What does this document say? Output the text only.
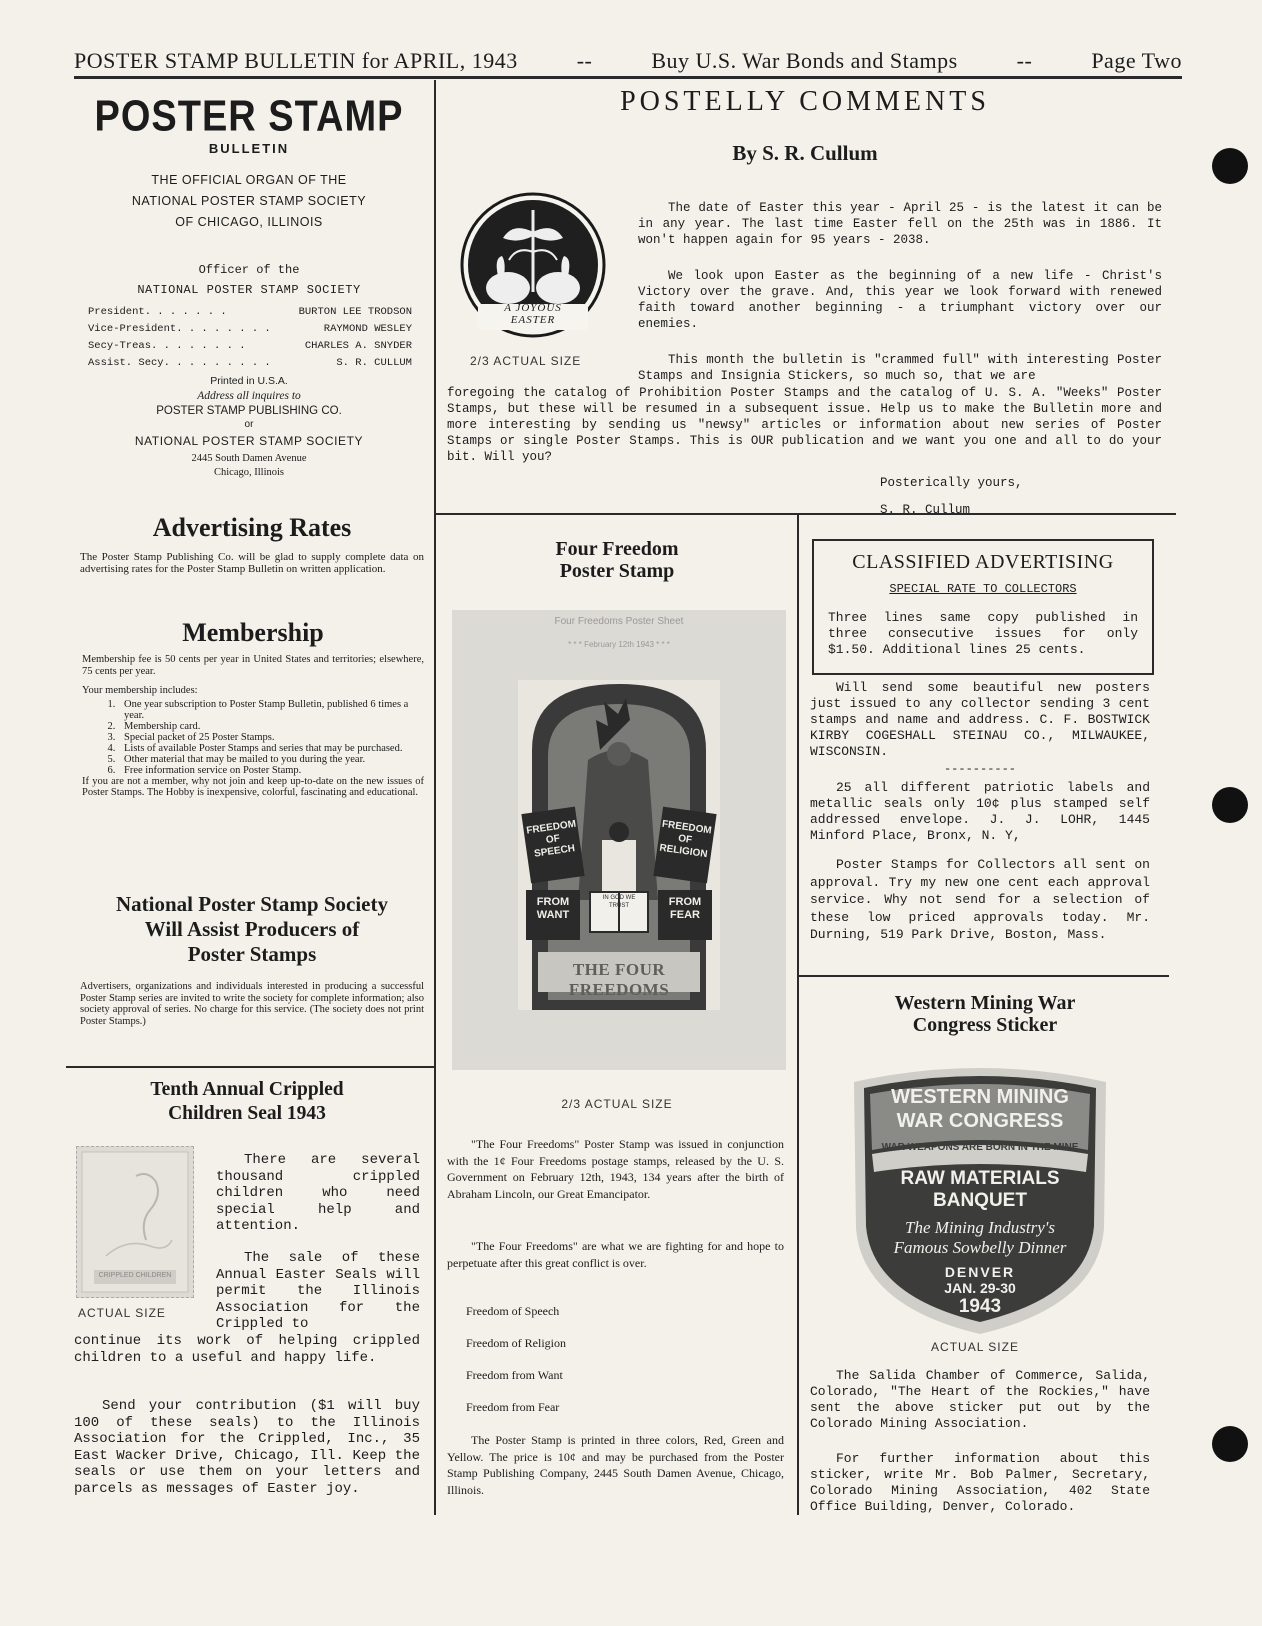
POSTER STAMP BULLETIN for APRIL, 1943	--	Buy U.S. War Bonds and Stamps	--	Page Two
POSTER STAMP
BULLETIN
THE OFFICIAL ORGAN OF THE
NATIONAL POSTER STAMP SOCIETY
OF CHICAGO, ILLINOIS
Officer of the
NATIONAL POSTER STAMP SOCIETY
President. . . . . . .	BURTON LEE TRODSON
Vice-President. . . . . . . .	RAYMOND WESLEY
Secy-Treas. . . . . . . .	CHARLES A. SNYDER
Assist. Secy. . . . . . . . .	S. R. CULLUM
Printed in U.S.A.
Address all inquires to
POSTER STAMP PUBLISHING CO.
or
NATIONAL POSTER STAMP SOCIETY
2445 South Damen Avenue
Chicago, Illinois
Advertising Rates

The Poster Stamp Publishing Co. will be glad to supply complete data on advertising rates for the Poster Stamp Bulletin on written application.

Membership

Membership fee is 50 cents per year in United States and territories; elsewhere, 75 cents per year.

Your membership includes:

1. One year subscription to Poster Stamp Bulletin, published 6 times a year.
2. Membership card.
3. Special packet of 25 Poster Stamps.
4. Lists of available Poster Stamps and series that may be purchased.
5. Other material that may be mailed to you during the year.
6. Free information service on Poster Stamp.

If you are not a member, why not join and keep up-to-date on the new issues of Poster Stamps. The Hobby is inexpensive, colorful, fascinating and educational.

National Poster Stamp Society
Will Assist Producers of
Poster Stamps

Advertisers, organizations and individuals interested in producing a successful Poster Stamp series are invited to write the society for complete information; also society approval of series. No charge for this service. (The society does not print Poster Stamps.)

Tenth Annual Crippled
Children Seal 1943
CRIPPLED CHILDREN
ACTUAL SIZE
There are several thousand crippled children who need special help and attention.
The sale of these Annual Easter Seals will permit the Illinois Association for the Crippled to
continue its work of helping crippled children to a useful and happy life.
Send your contribution ($1 will buy 100 of these seals) to the Illinois Association for the Crippled, Inc., 35 East Wacker Drive, Chicago, Ill. Keep the seals or use them on your letters and parcels as messages of Easter joy.
POSTELLY COMMENTS
By S. R. Cullum
A JOYOUS
EASTER
2/3 ACTUAL SIZE
The date of Easter this year - April 25 - is the latest it can be in any year. The last time Easter fell on the 25th was in 1886. It won't happen again for 95 years - 2038.
We look upon Easter as the beginning of a new life - Christ's Victory over the grave. And, this year we look forward with renewed faith toward another beginning - a triumphant victory over our enemies.
This month the bulletin is "crammed full" with interesting Poster Stamps and Insignia Stickers, so much so, that we are
foregoing the catalog of Prohibition Poster Stamps and the catalog of U. S. A. "Weeks" Poster Stamps, but these will be resumed in a subsequent issue. Help us to make the Bulletin more and more interesting by sending us "newsy" articles or information about new series of Poster Stamps or single Poster Stamps. This is OUR publication and we want you one and all to do your bit. Will you?
Posterically yours,
S. R. Cullum
Four Freedom
Poster Stamp
Four Freedoms Poster Sheet
* * * February 12th 1943 * * *
FREEDOM OF SPEECH
FREEDOM OF RELIGION
FROM WANT
FROM FEAR
IN GOD WE TRUST
THE FOUR FREEDOMS
2/3 ACTUAL SIZE
"The Four Freedoms" Poster Stamp was issued in conjunction with the 1¢ Four Freedoms postage stamps, released by the U. S. Government on February 12th, 1943, 134 years after the birth of Abraham Lincoln, our Great Emancipator.
"The Four Freedoms" are what we are fighting for and hope to perpetuate after this great conflict is over.
Freedom of Speech
Freedom of Religion
Freedom from Want
Freedom from Fear
The Poster Stamp is printed in three colors, Red, Green and Yellow. The price is 10¢ and may be purchased from the Poster Stamp Publishing Company, 2445 South Damen Avenue, Chicago, Illinois.
CLASSIFIED ADVERTISING
SPECIAL RATE TO COLLECTORS
Three lines same copy published in three consecutive issues for only $1.50. Additional lines 25 cents.
Will send some beautiful new posters just issued to any collector sending 3 cent stamps and name and address. C. F. BOSTWICK KIRBY COGESHALL STEINAU CO., MILWAUKEE, WISCONSIN.
----------
25 all different patriotic labels and metallic seals only 10¢ plus stamped self addressed envelope. J. J. LOHR, 1445 Minford Place, Bronx, N. Y,
Poster Stamps for Collectors all sent on approval. Try my new one cent each approval service. Why not send for a selection of these low priced approvals today. Mr. Durning, 519 Park Drive, Boston, Mass.
Western Mining War
Congress Sticker
WESTERN MINING
WAR CONGRESS
WAR WEAPONS ARE BORN IN THE MINE
RAW MATERIALS
BANQUET
The Mining Industry's
Famous Sowbelly Dinner
DENVER
JAN. 29-30
1943
ACTUAL SIZE
The Salida Chamber of Commerce, Salida, Colorado, "The Heart of the Rockies," have sent the above sticker put out by the Colorado Mining Association.
For further information about this sticker, write Mr. Bob Palmer, Secretary, Colorado Mining Association, 402 State Office Building, Denver, Colorado.
